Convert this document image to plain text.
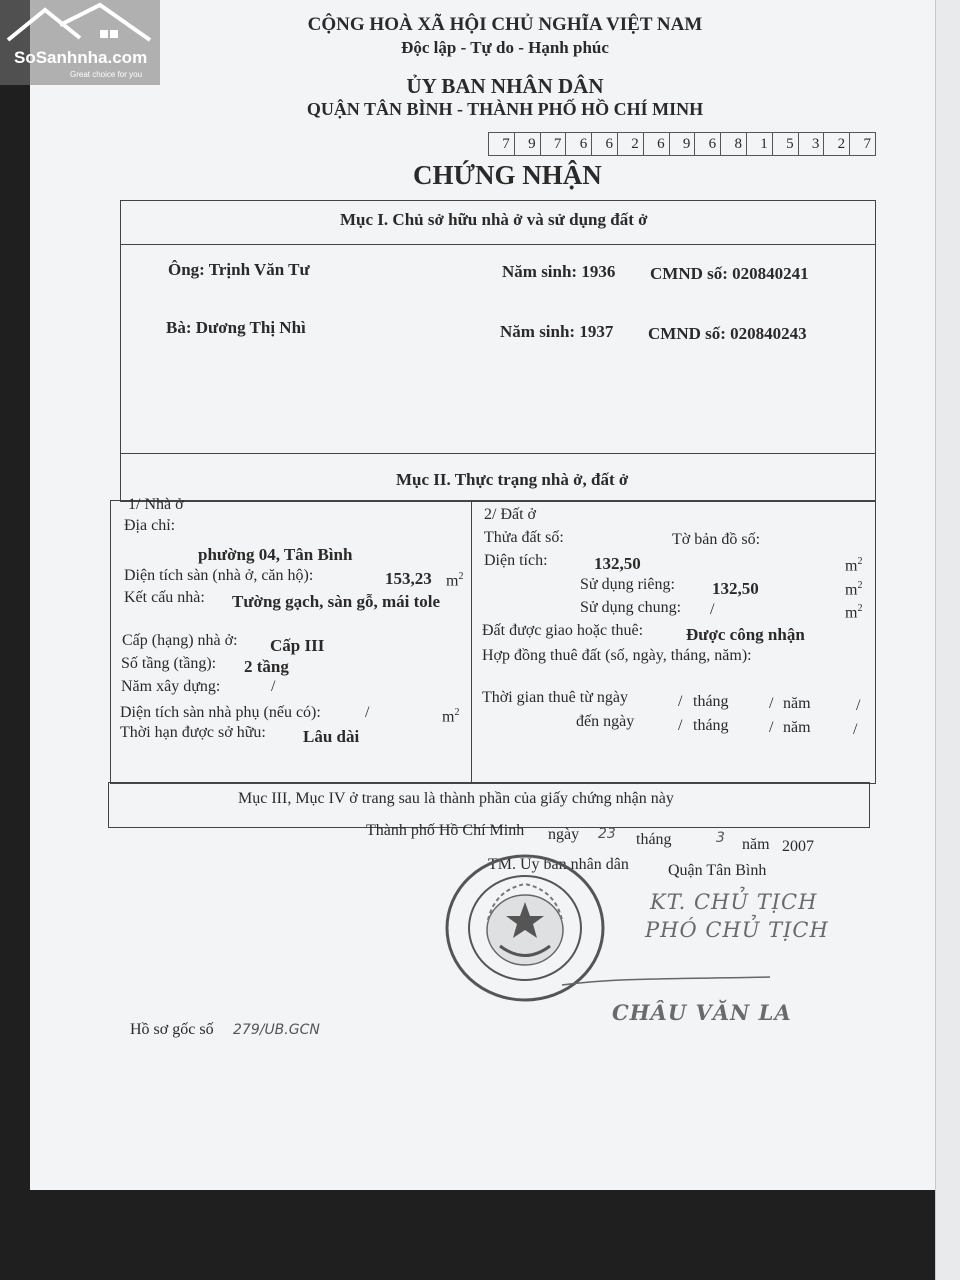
SoSanhnha.com
Great choice for you
CỘNG HOÀ XÃ HỘI CHỦ NGHĨA VIỆT NAM
Độc lập - Tự do - Hạnh phúc
ỦY BAN NHÂN DÂN
QUẬN TÂN BÌNH - THÀNH PHỐ HỒ CHÍ MINH
7	9	7	6	6	2	6	9	6	8	1	5	3	2	7
CHỨNG NHẬN
Mục I. Chủ sở hữu nhà ở và sử dụng đất ở
Ông: Trịnh Văn Tư	Năm sinh: 1936 CMND số: 020840241
Bà: Dương Thị Nhì	Năm sinh: 1937 CMND số: 020840243
Mục II. Thực trạng nhà ở, đất ở
1/ Nhà ở
Địa chỉ:
phường 04, Tân Bình
Diện tích sàn (nhà ở, căn hộ):	153,23 $m^2$
Kết cấu nhà: Tường gạch, sàn gỗ, mái tole
Cấp (hạng) nhà ở: Cấp III
Số tầng (tầng): 2 tầng
Năm xây dựng:	/
Diện tích sàn nhà phụ (nếu có):	/	$m^2$
Thời hạn được sở hữu: Lâu dài
2/ Đất ở
Thửa đất số:	Tờ bản đồ số:
Diện tích:	132,50	$m^2$
Sử dụng riêng: 132,50	$m^2$
Sử dụng chung: /	$m^2$
Đất được giao hoặc thuê:	Được công nhận
Hợp đồng thuê đất (số, ngày, tháng, năm):
Thời gian thuê từ ngày	/ tháng	/ năm	/
đến ngày	/ tháng	/ năm	/
Mục III, Mục IV ở trang sau là thành phần của giấy chứng nhận này
Thành phố Hồ Chí Minh ngày 23 tháng	3 năm 2007
TM. Ủy ban nhân dân Quận Tân Bình
KT. CHỦ TỊCH
PHÓ CHỦ TỊCH
CHÂU VĂN LA
Hồ sơ gốc số 279/UB.GCN
